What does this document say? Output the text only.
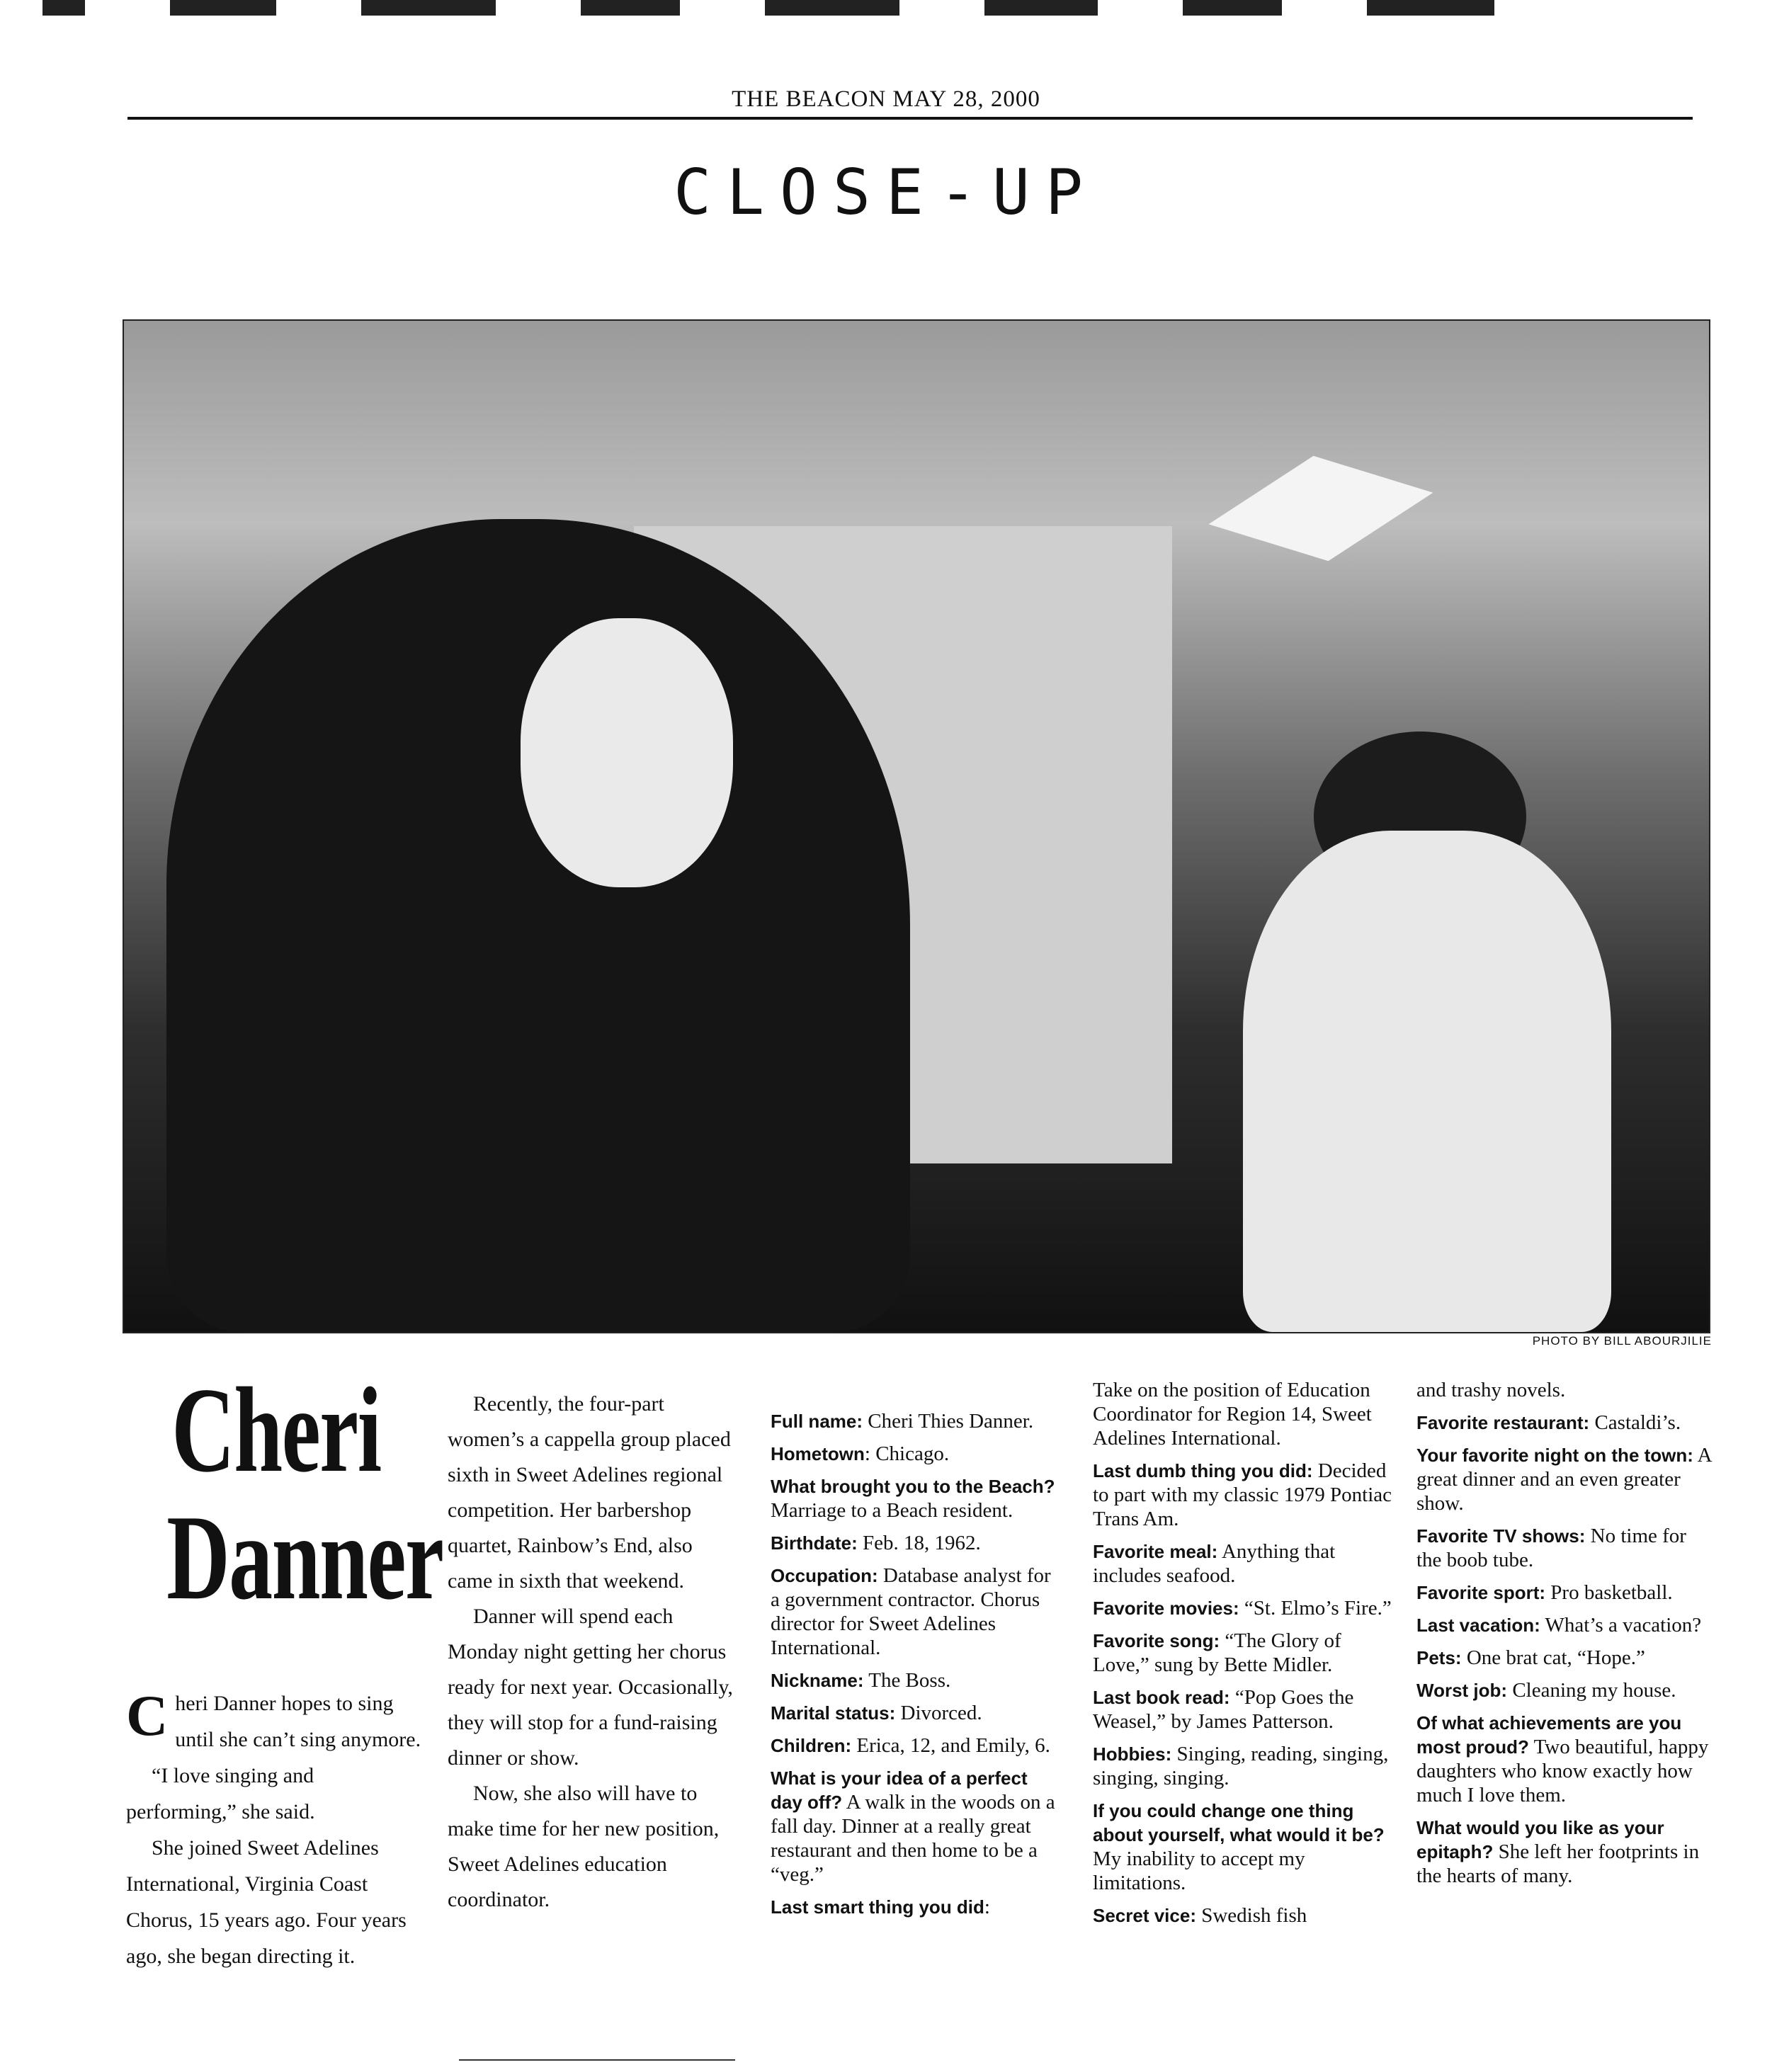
THE BEACON MAY 28, 2000
CLOSE-UP
PHOTO BY BILL ABOURJILIE
Cheri
Danner

Cheri Danner hopes to sing until she can’t sing anymore.

“I love singing and performing,” she said.

She joined Sweet Adelines International, Virginia Coast Chorus, 15 years ago. Four years ago, she began directing it.

Recently, the four-part women’s a cappella group placed sixth in Sweet Adelines regional competition. Her barbershop quartet, Rainbow’s End, also came in sixth that weekend.

Danner will spend each Monday night getting her chorus ready for next year. Occasionally, they will stop for a fund-raising dinner or show.

Now, she also will have to make time for her new position, Sweet Adelines education coordinator.

Full name: Cheri Thies Danner.
Hometown: Chicago.
What brought you to the Beach? Marriage to a Beach resident.
Birthdate: Feb. 18, 1962.
Occupation: Database analyst for a government contractor. Chorus director for Sweet Adelines International.
Nickname: The Boss.
Marital status: Divorced.
Children: Erica, 12, and Emily, 6.
What is your idea of a perfect day off? A walk in the woods on a fall day. Dinner at a really great restaurant and then home to be a “veg.”
Last smart thing you did:
Take on the position of Education Coordinator for Region 14, Sweet Adelines International.
Last dumb thing you did: Decided to part with my classic 1979 Pontiac Trans Am.
Favorite meal: Anything that includes seafood.
Favorite movies: “St. Elmo’s Fire.”
Favorite song: “The Glory of Love,” sung by Bette Midler.
Last book read: “Pop Goes the Weasel,” by James Patterson.
Hobbies: Singing, reading, singing, singing, singing.
If you could change one thing about yourself, what would it be? My inability to accept my limitations.
Secret vice: Swedish fish
and trashy novels.
Favorite restaurant: Castaldi’s.
Your favorite night on the town: A great dinner and an even greater show.
Favorite TV shows: No time for the boob tube.
Favorite sport: Pro basketball.
Last vacation: What’s a vacation?
Pets: One brat cat, “Hope.”
Worst job: Cleaning my house.
Of what achievements are you most proud? Two beautiful, happy daughters who know exactly how much I love them.
What would you like as your epitaph? She left her footprints in the hearts of many.
